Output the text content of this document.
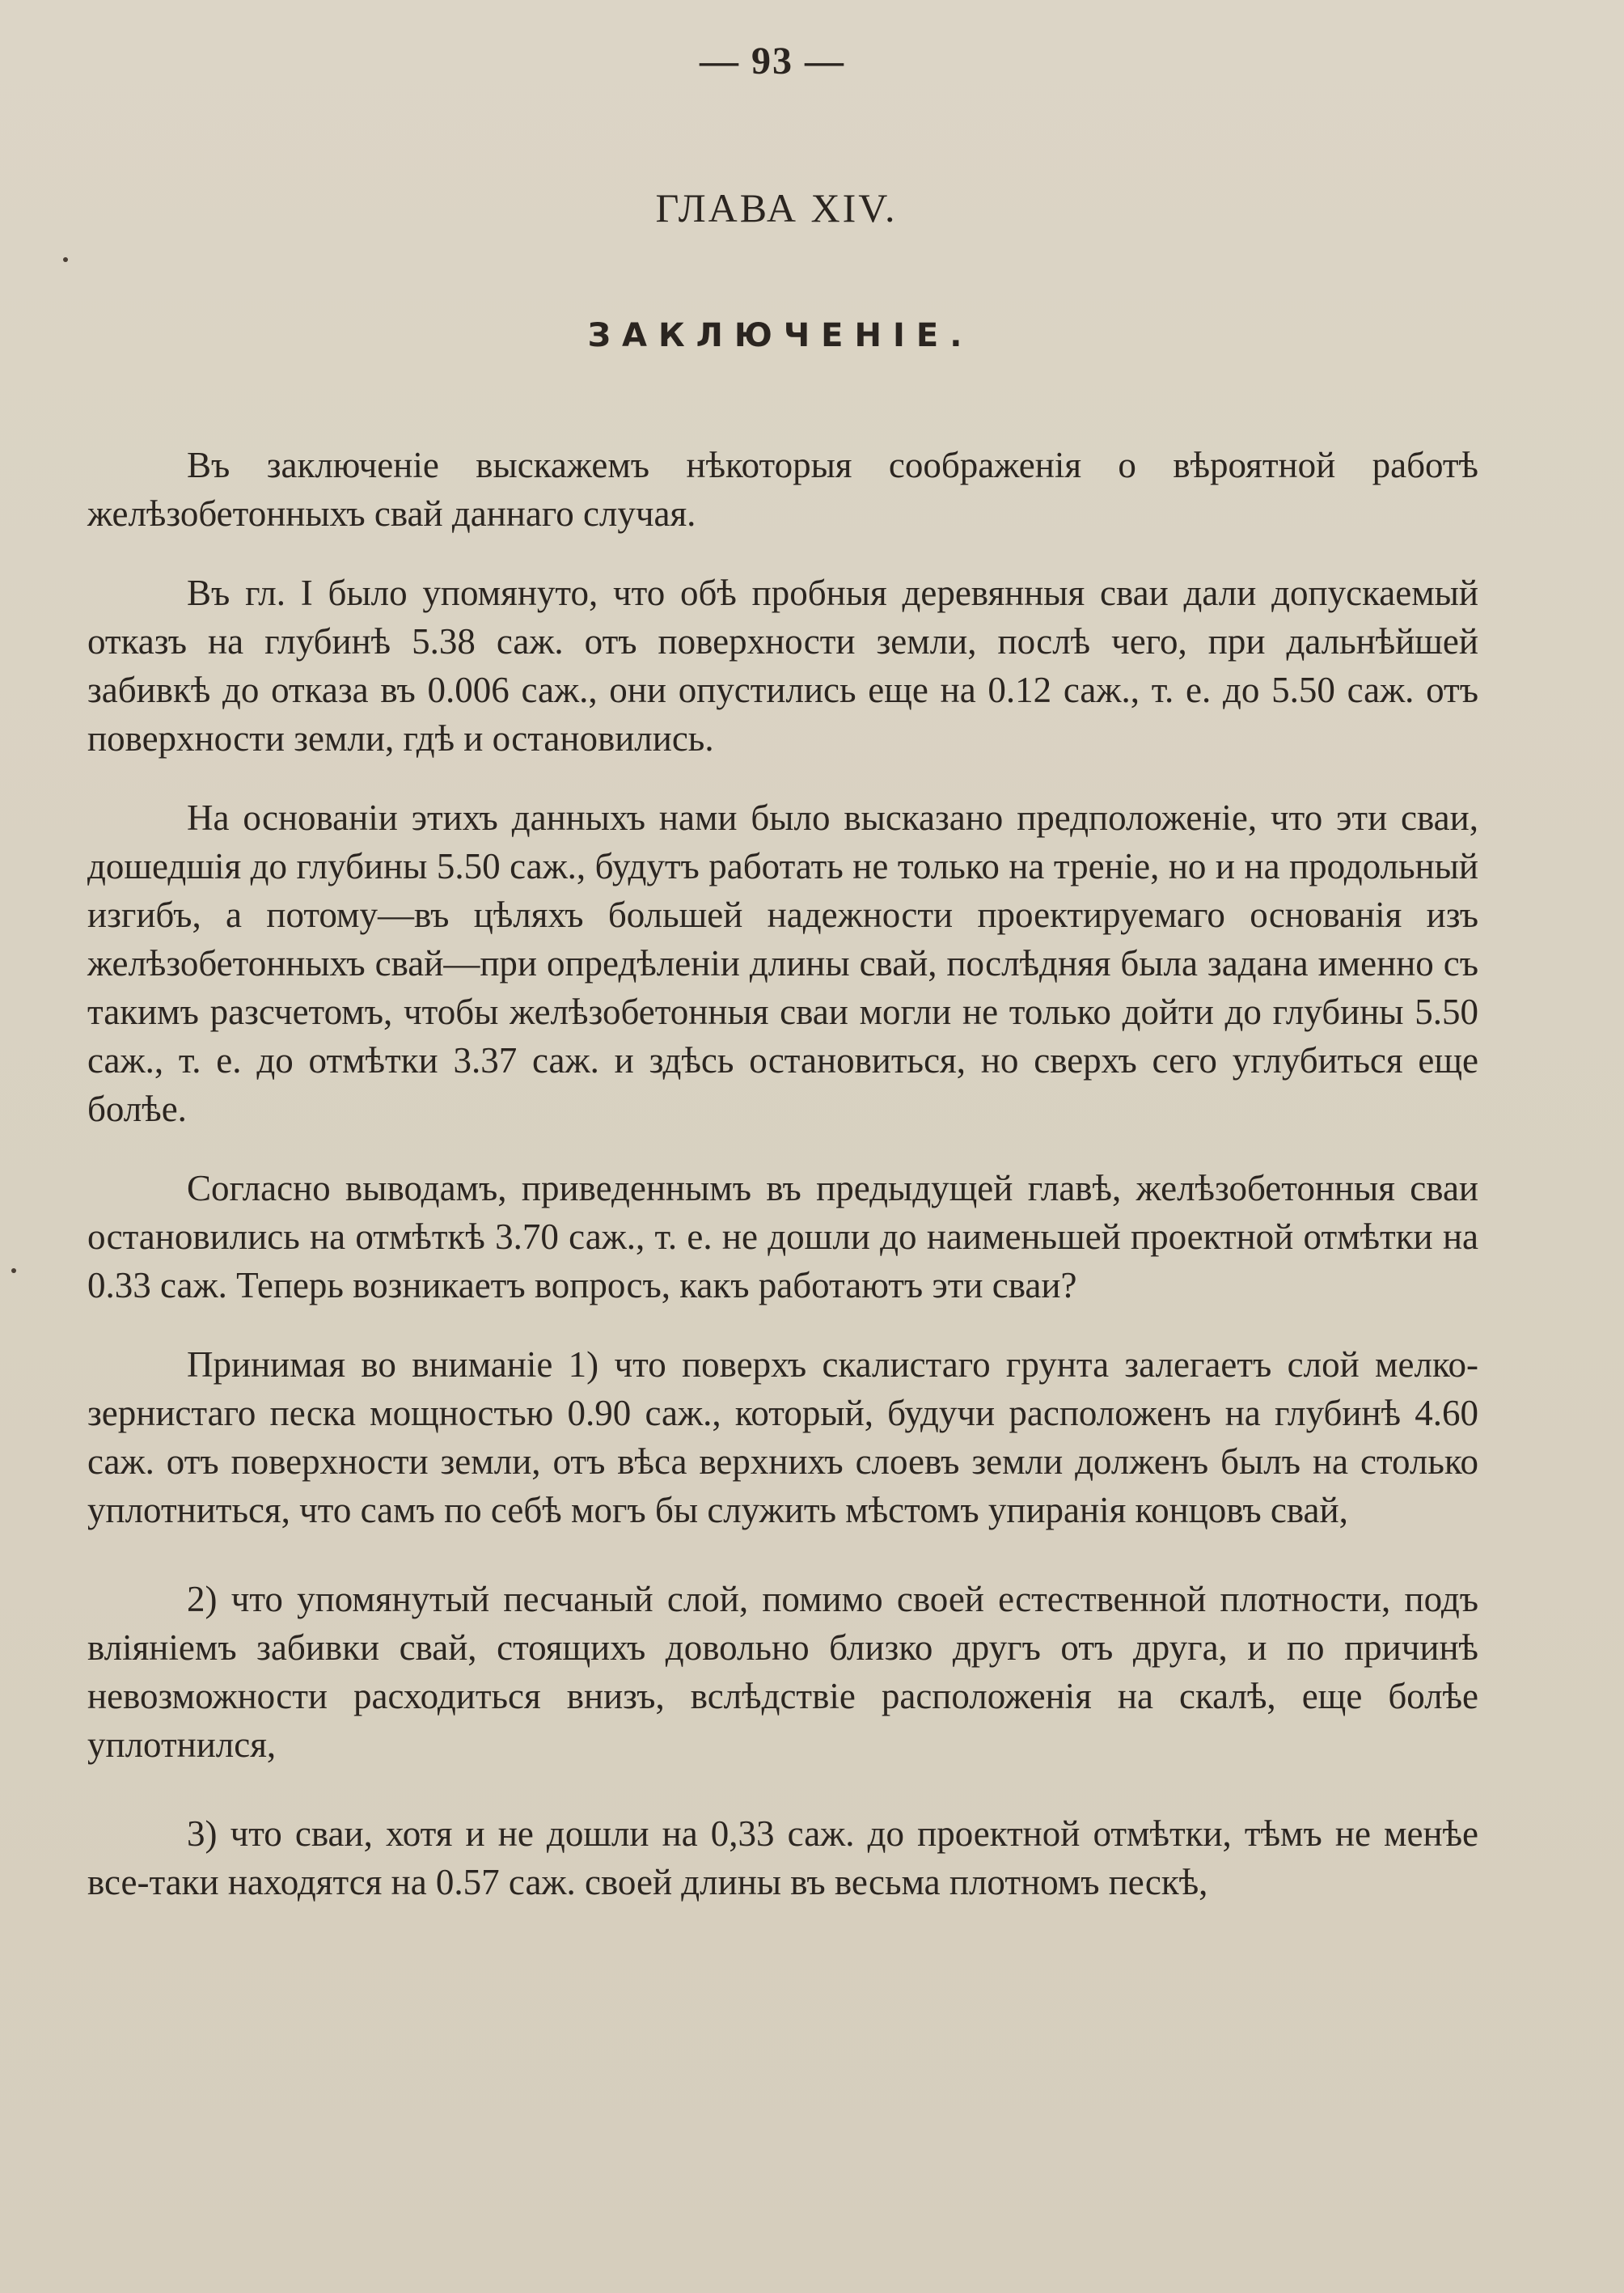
— 93 —
ГЛАВА XIV.
ЗАКЛЮЧЕНІЕ.

Въ заключеніе выскажемъ нѣкоторыя соображенія о вѣроятной работѣ желѣзобетонныхъ свай даннаго случая.

Въ гл. I было упомянуто, что обѣ пробныя деревянныя сваи дали допускаемый отказъ на глубинѣ 5.38 саж. отъ поверхности земли, послѣ чего, при дальнѣйшей забивкѣ до отказа въ 0.006 саж., они опустились еще на 0.12 саж., т. е. до 5.50 саж. отъ поверхности земли, гдѣ и остановились.

На основаніи этихъ данныхъ нами было высказано предположеніе, что эти сваи, дошедшія до глубины 5.50 саж., будутъ работать не только на треніе, но и на продольный изгибъ, а потому—въ цѣляхъ большей надежности проектируемаго основанія изъ желѣзобетонныхъ свай—при опредѣленіи длины свай, послѣдняя была задана именно съ такимъ разсчетомъ, чтобы желѣзобетонныя сваи могли не только дойти до глубины 5.50 саж., т. е. до отмѣтки 3.37 саж. и здѣсь остановиться, но сверхъ сего углубиться еще болѣе.

Согласно выводамъ, приведеннымъ въ предыдущей главѣ, желѣзобетонныя сваи остановились на отмѣткѣ 3.70 саж., т. е. не дошли до наименьшей проектной отмѣтки на 0.33 саж. Теперь возникаетъ вопросъ, какъ работаютъ эти сваи?

Принимая во вниманіе 1) что поверхъ скалистаго грунта залегаетъ слой мелко-зернистаго песка мощностью 0.90 саж., который, будучи расположенъ на глубинѣ 4.60 саж. отъ поверхности земли, отъ вѣса верхнихъ слоевъ земли долженъ былъ на столько уплотниться, что самъ по себѣ могъ бы служить мѣстомъ упиранія концовъ свай,

2) что упомянутый песчаный слой, помимо своей естественной плотности, подъ вліяніемъ забивки свай, стоящихъ довольно близко другъ отъ друга, и по причинѣ невозможности расходиться внизъ, вслѣдствіе расположенія на скалѣ, еще болѣе уплотнился,

3) что сваи, хотя и не дошли на 0,33 саж. до проектной отмѣтки, тѣмъ не менѣе все-таки находятся на 0.57 саж. своей длины въ весьма плотномъ пескѣ,
